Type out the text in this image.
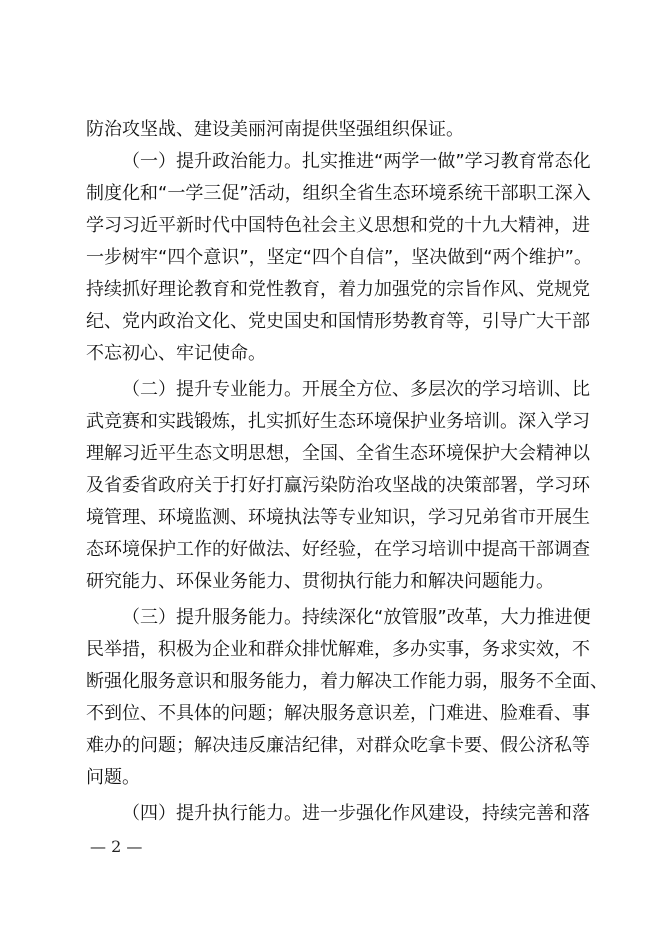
防治攻坚战、建设美丽河南提供坚强组织保证。
（一）提升政治能力。扎实推进“两学一做”学习教育常态化
制度化和“一学三促”活动，组织全省生态环境系统干部职工深入
学习习近平新时代中国特色社会主义思想和党的十九大精神，进
一步树牢“四个意识”，坚定“四个自信”，坚决做到“两个维护”。
持续抓好理论教育和党性教育，着力加强党的宗旨作风、党规党
纪、党内政治文化、党史国史和国情形势教育等，引导广大干部
不忘初心、牢记使命。
（二）提升专业能力。开展全方位、多层次的学习培训、比
武竞赛和实践锻炼，扎实抓好生态环境保护业务培训。深入学习
理解习近平生态文明思想，全国、全省生态环境保护大会精神以
及省委省政府关于打好打赢污染防治攻坚战的决策部署，学习环
境管理、环境监测、环境执法等专业知识，学习兄弟省市开展生
态环境保护工作的好做法、好经验，在学习培训中提高干部调查
研究能力、环保业务能力、贯彻执行能力和解决问题能力。
（三）提升服务能力。持续深化“放管服”改革，大力推进便
民举措，积极为企业和群众排忧解难，多办实事，务求实效，不
断强化服务意识和服务能力，着力解决工作能力弱，服务不全面、
不到位、不具体的问题；解决服务意识差，门难进、脸难看、事
难办的问题；解决违反廉洁纪律，对群众吃拿卡要、假公济私等
问题。
（四）提升执行能力。进一步强化作风建设，持续完善和落
— 2 —
